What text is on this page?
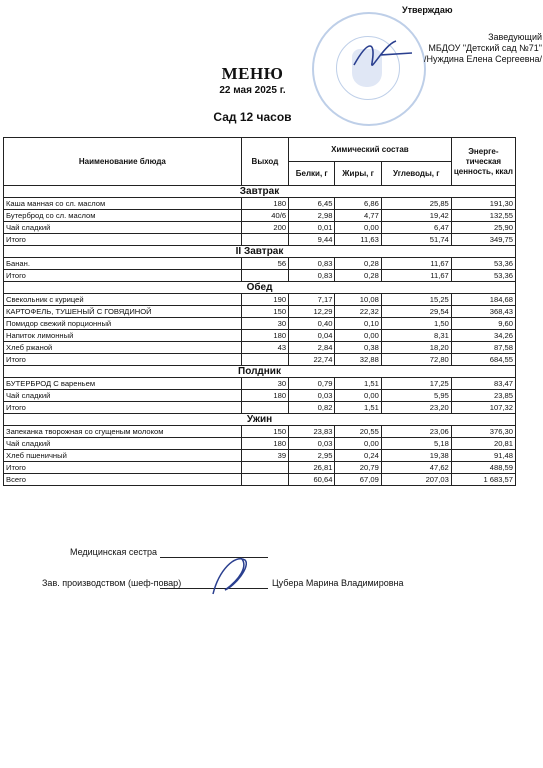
Утверждаю
Заведующий
МБДОУ "Детский сад №71"
/Нуждина Елена Сергеевна/
МЕНЮ
22 мая 2025 г.
Сад 12 часов
Наименование блюда	Выход	Химический состав			Энерге-тическая ценность, ккал
		Белки, г	Жиры, г	Углеводы, г	
Завтрак					
Каша манная со сл. маслом	180	6,45	6,86	25,85	191,30
Бутерброд со сл. маслом	40/6	2,98	4,77	19,42	132,55
Чай сладкий	200	0,01	0,00	6,47	25,90
Итого		9,44	11,63	51,74	349,75
II Завтрак					
Банан.	56	0,83	0,28	11,67	53,36
Итого		0,83	0,28	11,67	53,36
Обед					
Свекольник с курицей	190	7,17	10,08	15,25	184,68
КАРТОФЕЛЬ, ТУШЕНЫЙ С ГОВЯДИНОЙ	150	12,29	22,32	29,54	368,43
Помидор свежий порционный	30	0,40	0,10	1,50	9,60
Напиток лимонный	180	0,04	0,00	8,31	34,26
Хлеб ржаной	43	2,84	0,38	18,20	87,58
Итого		22,74	32,88	72,80	684,55
Полдник					
БУТЕРБРОД С вареньем	30	0,79	1,51	17,25	83,47
Чай сладкий	180	0,03	0,00	5,95	23,85
Итого		0,82	1,51	23,20	107,32
Ужин					
Запеканка творожная со сгущеным молоком	150	23,83	20,55	23,06	376,30
Чай сладкий	180	0,03	0,00	5,18	20,81
Хлеб пшеничный	39	2,95	0,24	19,38	91,48
Итого		26,81	20,79	47,62	488,59
Всего		60,64	67,09	207,03	1 683,57
Медицинская сестра
Зав. производством (шеф-повар)	Цубера Марина Владимировна
